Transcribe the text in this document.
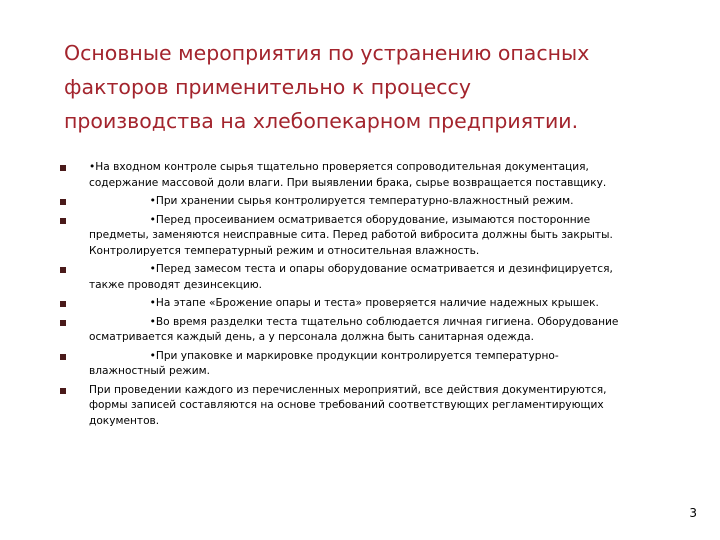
Основные мероприятия по устранению опасных
факторов применительно к процессу
производства на хлебопекарном предприятии.
•На входном контроле сырья тщательно проверяется сопроводительная документация,
содержание массовой доли влаги. При выявлении брака, сырье возвращается поставщику.
•При хранении сырья контролируется температурно-влажностный режим.
•Перед просеиванием осматривается оборудование, изымаются посторонние
предметы, заменяются неисправные сита. Перед работой вибросита должны быть закрыты.
Контролируется температурный режим и относительная влажность.
•Перед замесом теста и опары оборудование осматривается и дезинфицируется,
также проводят дезинсекцию.
•На этапе «Брожение опары и теста» проверяется наличие надежных крышек.
•Во время разделки теста тщательно соблюдается личная гигиена. Оборудование
осматривается каждый день, а у персонала должна быть санитарная одежда.
•При упаковке и маркировке продукции контролируется температурно-
влажностный режим.
При проведении каждого из перечисленных мероприятий, все действия документируются,
формы записей составляются на основе требований соответствующих регламентирующих
документов.
3
